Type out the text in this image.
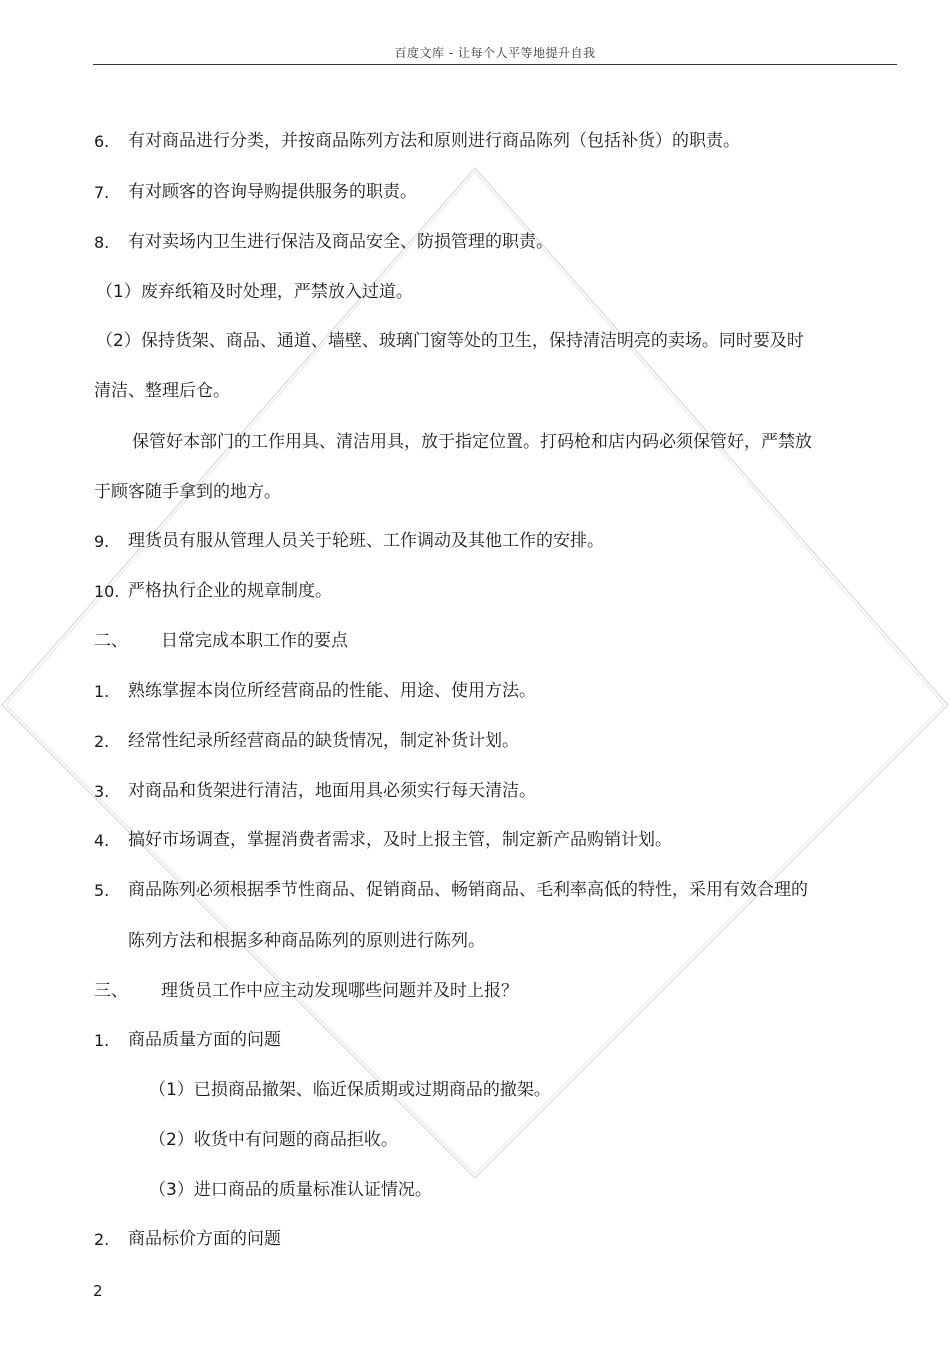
百度文库 - 让每个人平等地提升自我
6. 有对商品进行分类，并按商品陈列方法和原则进行商品陈列（包括补货）的职责。
7. 有对顾客的咨询导购提供服务的职责。
8. 有对卖场内卫生进行保洁及商品安全、防损管理的职责。
（1）废弃纸箱及时处理，严禁放入过道。
（2）保持货架、商品、通道、墙壁、玻璃门窗等处的卫生，保持清洁明亮的卖场。同时要及时
清洁、整理后仓。
保管好本部门的工作用具、清洁用具，放于指定位置。打码枪和店内码必须保管好，严禁放
于顾客随手拿到的地方。
9. 理货员有服从管理人员关于轮班、工作调动及其他工作的安排。
10. 严格执行企业的规章制度。
二、 日常完成本职工作的要点
1. 熟练掌握本岗位所经营商品的性能、用途、使用方法。
2. 经常性纪录所经营商品的缺货情况，制定补货计划。
3. 对商品和货架进行清洁，地面用具必须实行每天清洁。
4. 搞好市场调查，掌握消费者需求，及时上报主管，制定新产品购销计划。
5. 商品陈列必须根据季节性商品、促销商品、畅销商品、毛利率高低的特性，采用有效合理的
陈列方法和根据多种商品陈列的原则进行陈列。
三、 理货员工作中应主动发现哪些问题并及时上报？
1. 商品质量方面的问题
（1）已损商品撤架、临近保质期或过期商品的撤架。
（2）收货中有问题的商品拒收。
（3）进口商品的质量标准认证情况。
2. 商品标价方面的问题
2
